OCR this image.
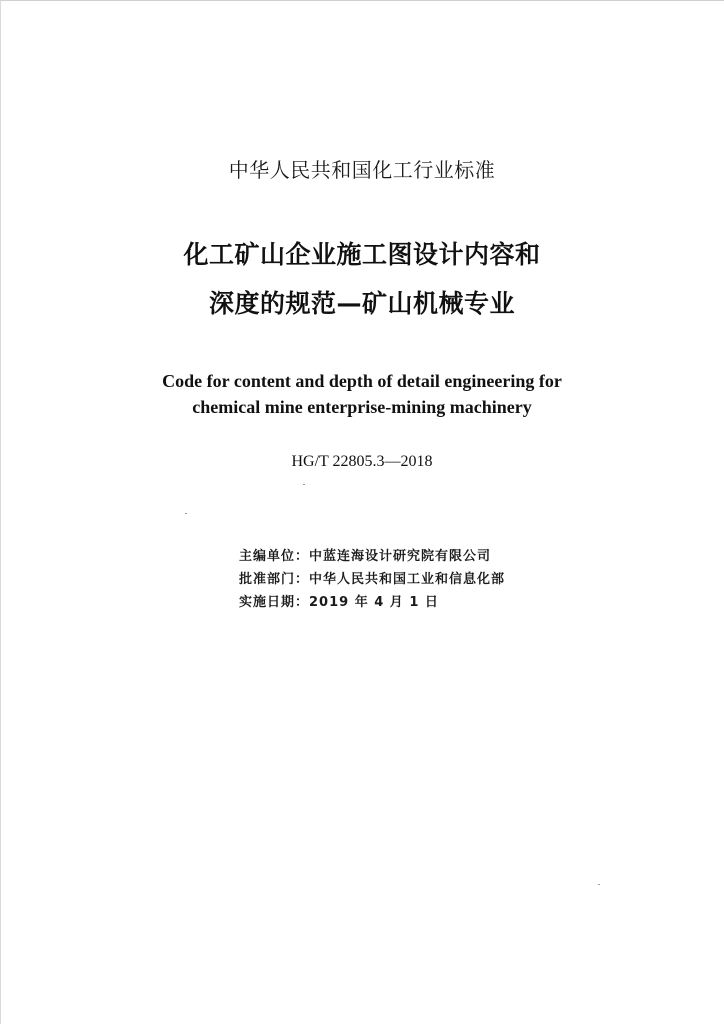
中华人民共和国化工行业标准
化工矿山企业施工图设计内容和
深度的规范—矿山机械专业
Code for content and depth of detail engineering for
chemical mine enterprise-mining machinery
HG/T 22805.3—2018
主编单位：中蓝连海设计研究院有限公司
批准部门：中华人民共和国工业和信息化部
实施日期：2019 年 4 月 1 日
